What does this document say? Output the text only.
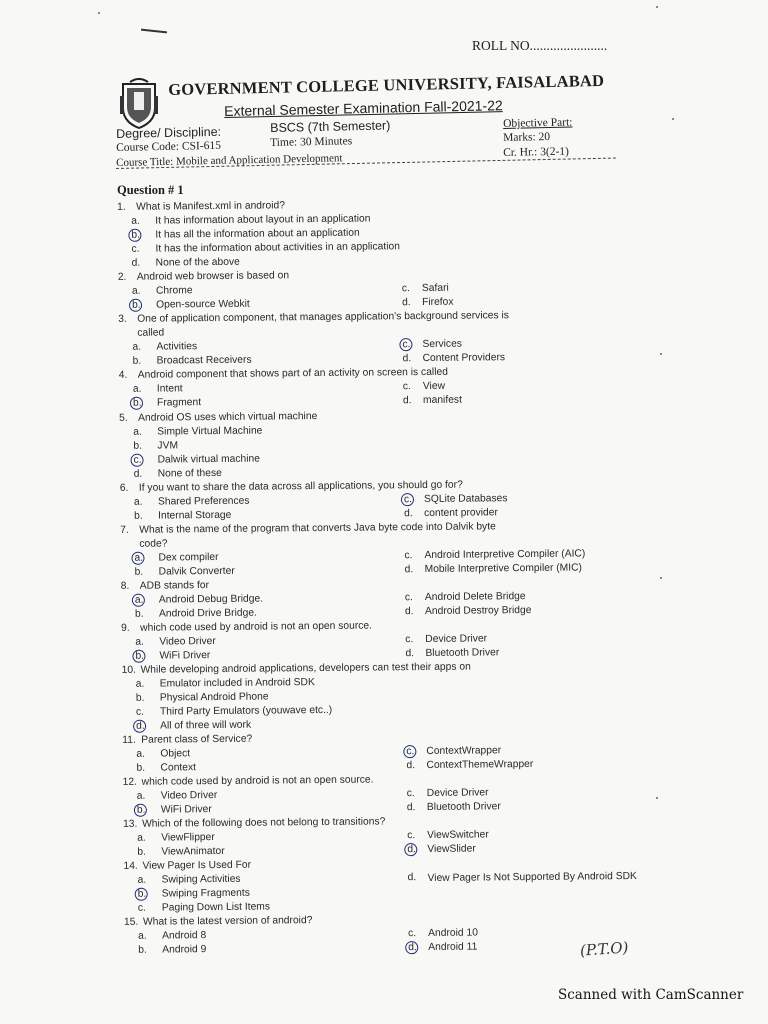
ROLL NO.......................
GOVERNMENT COLLEGE UNIVERSITY, FAISALABAD
External Semester Examination Fall-2021-22
Degree/ Discipline:	BSCS (7th Semester)
Course Code: CSI-615	Time: 30 Minutes
Course Title: Mobile and Application Development
Objective Part:
Marks: 20
Cr. Hr.: 3(2-1)
Question # 1
1. What is Manifest.xml in android?
a. It has information about layout in an application
b. It has all the information about an application
c. It has the information about activities in an application
d. None of the above
2. Android web browser is based on
a. Chrome
b. Open-source Webkit
c. Safari
d. Firefox
3. One of application component, that manages application's background services is
called
a. Activities
b. Broadcast Receivers
c. Services
d. Content Providers
4. Android component that shows part of an activity on screen is called
a. Intent
b. Fragment
c. View
d. manifest
5. Android OS uses which virtual machine
a. Simple Virtual Machine
b. JVM
c. Dalwik virtual machine
d. None of these
6. If you want to share the data across all applications, you should go for?
a. Shared Preferences
b. Internal Storage
c. SQLite Databases
d. content provider
7. What is the name of the program that converts Java byte code into Dalvik byte
code?
a. Dex compiler
b. Dalvik Converter
c. Android Interpretive Compiler (AIC)
d. Mobile Interpretive Compiler (MIC)
8. ADB stands for
a. Android Debug Bridge.
b. Android Drive Bridge.
c. Android Delete Bridge
d. Android Destroy Bridge
9. which code used by android is not an open source.
a. Video Driver
b. WiFi Driver
c. Device Driver
d. Bluetooth Driver
10. While developing android applications, developers can test their apps on
a. Emulator included in Android SDK
b. Physical Android Phone
c. Third Party Emulators (youwave etc..)
d. All of three will work
11. Parent class of Service?
a. Object
b. Context
c. ContextWrapper
d. ContextThemeWrapper
12. which code used by android is not an open source.
a. Video Driver
b. WiFi Driver
c. Device Driver
d. Bluetooth Driver
13. Which of the following does not belong to transitions?
a. ViewFlipper
b. ViewAnimator
c. ViewSwitcher
d. ViewSlider
14. View Pager Is Used For
a. Swiping Activities
b. Swiping Fragments
c. Paging Down List Items
d. View Pager Is Not Supported By Android SDK
15. What is the latest version of android?
a. Android 8
b. Android 9
c. Android 10
d. Android 11	(P.T.O)
Scanned with CamScanner
